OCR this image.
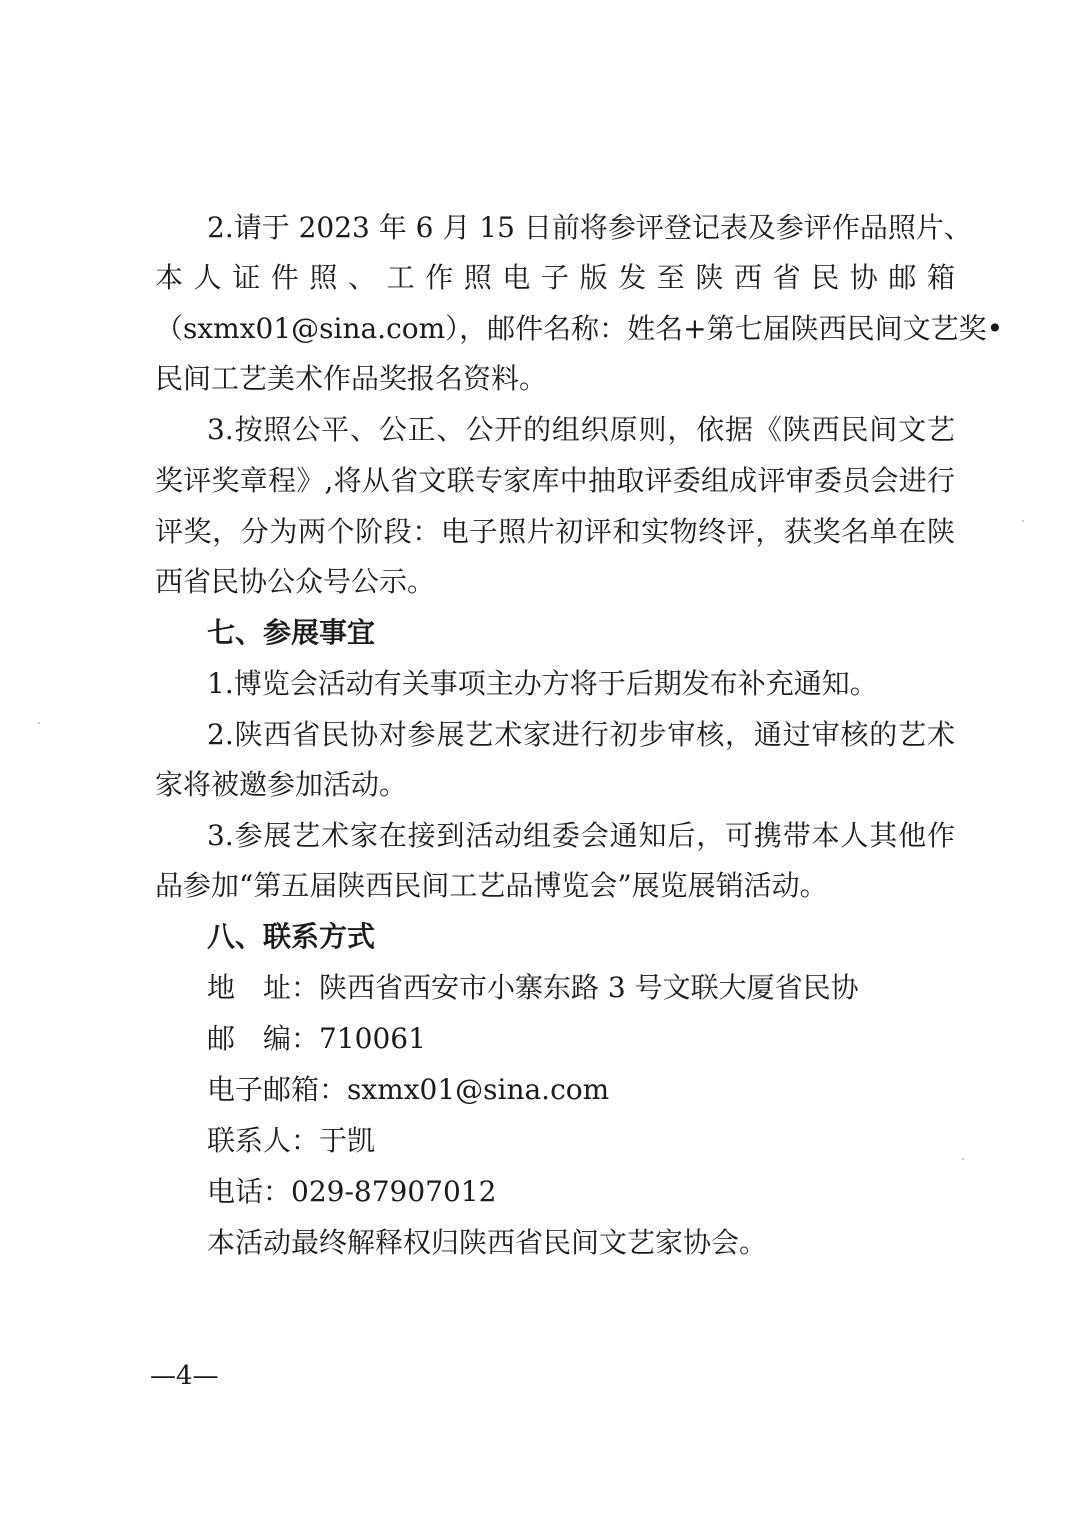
2.请于 2023 年 6 月 15 日前将参评登记表及参评作品照片、
本人证件照、工作照电子版发至陕西省民协邮箱
（sxmx01@sina.com），邮件名称：姓名+第七届陕西民间文艺奖•
民间工艺美术作品奖报名资料。
3.按照公平、公正、公开的组织原则，依据《陕西民间文艺
奖评奖章程》,将从省文联专家库中抽取评委组成评审委员会进行
评奖，分为两个阶段：电子照片初评和实物终评，获奖名单在陕
西省民协公众号公示。
七、参展事宜
1.博览会活动有关事项主办方将于后期发布补充通知。
2.陕西省民协对参展艺术家进行初步审核，通过审核的艺术
家将被邀参加活动。
3.参展艺术家在接到活动组委会通知后，可携带本人其他作
品参加“第五届陕西民间工艺品博览会”展览展销活动。
八、联系方式
地　址：陕西省西安市小寨东路 3 号文联大厦省民协
邮　编：710061
电子邮箱：sxmx01@sina.com
联系人：于凯
电话：029-87907012
本活动最终解释权归陕西省民间文艺家协会。
—4—
